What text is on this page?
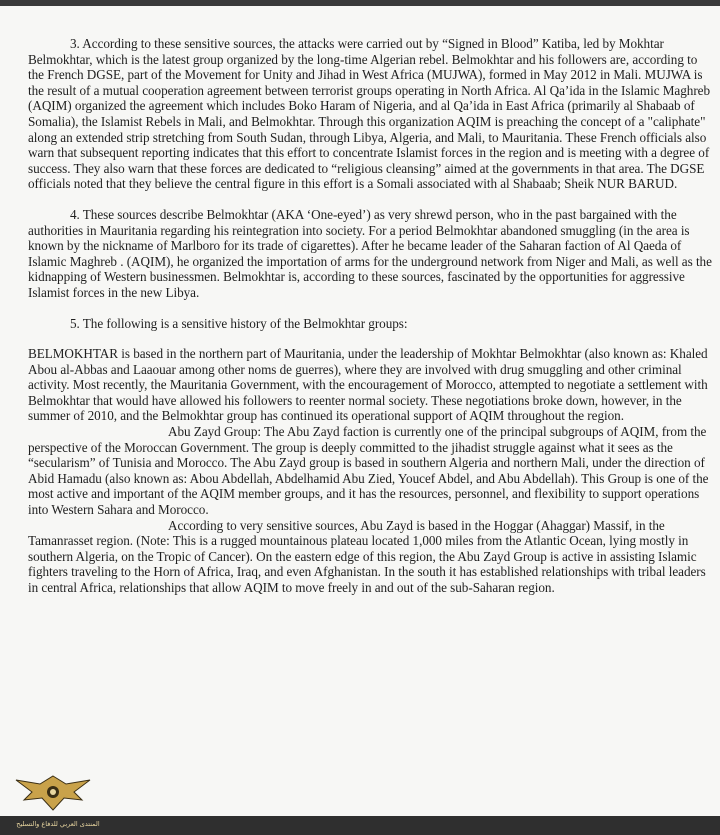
3. According to these sensitive sources, the attacks were carried out by “Signed in Blood” Katiba, led by Mokhtar Belmokhtar, which is the latest group organized by the long-time Algerian rebel. Belmokhtar and his followers are, according to the French DGSE, part of the Movement for Unity and Jihad in West Africa (MUJWA), formed in May 2012 in Mali. MUJWA is the result of a mutual cooperation agreement between terrorist groups operating in North Africa. Al Qa’ida in the Islamic Maghreb (AQIM) organized the agreement which includes Boko Haram of Nigeria, and al Qa’ida in East Africa (primarily al Shabaab of Somalia), the Islamist Rebels in Mali, and Belmokhtar. Through this organization AQIM is preaching the concept of a "caliphate" along an extended strip stretching from South Sudan, through Libya, Algeria, and Mali, to Mauritania. These French officials also warn that subsequent reporting indicates that this effort to concentrate Islamist forces in the region and is meeting with a degree of success. They also warn that these forces are dedicated to “religious cleansing” aimed at the governments in that area. The DGSE officials noted that they believe the central figure in this effort is a Somali associated with al Shabaab; Sheik NUR BARUD.

4. These sources describe Belmokhtar (AKA ‘One-eyed’) as very shrewd person, who in the past bargained with the authorities in Mauritania regarding his reintegration into society. For a period Belmokhtar abandoned smuggling (in the area is known by the nickname of Marlboro for its trade of cigarettes). After he became leader of the Saharan faction of Al Qaeda of Islamic Maghreb . (AQIM), he organized the importation of arms for the underground network from Niger and Mali, as well as the kidnapping of Western businessmen. Belmokhtar is, according to these sources, fascinated by the opportunities for aggressive Islamist forces in the new Libya.

5. The following is a sensitive history of the Belmokhtar groups:

BELMOKHTAR is based in the northern part of Mauritania, under the leadership of Mokhtar Belmokhtar (also known as: Khaled Abou al-Abbas and Laaouar among other noms de guerres), where they are involved with drug smuggling and other criminal activity. Most recently, the Mauritania Government, with the encouragement of Morocco, attempted to negotiate a settlement with Belmokhtar that would have allowed his followers to reenter normal society. These negotiations broke down, however, in the summer of 2010, and the Belmokhtar group has continued its operational support of AQIM throughout the region.

Abu Zayd Group: The Abu Zayd faction is currently one of the principal subgroups of AQIM, from the perspective of the Moroccan Government. The group is deeply committed to the jihadist struggle against what it sees as the “secularism” of Tunisia and Morocco. The Abu Zayd group is based in southern Algeria and northern Mali, under the direction of Abid Hamadu (also known as: Abou Abdellah, Abdelhamid Abu Zied, Youcef Abdel, and Abu Abdellah). This Group is one of the most active and important of the AQIM member groups, and it has the resources, personnel, and flexibility to support operations into Western Sahara and Morocco.

According to very sensitive sources, Abu Zayd is based in the Hoggar (Ahaggar) Massif, in the Tamanrasset region. (Note: This is a rugged mountainous plateau located 1,000 miles from the Atlantic Ocean, lying mostly in southern Algeria, on the Tropic of Cancer). On the eastern edge of this region, the Abu Zayd Group is active in assisting Islamic fighters traveling to the Horn of Africa, Iraq, and even Afghanistan. In the south it has established relationships with tribal leaders in central Africa, relationships that allow AQIM to move freely in and out of the sub-Saharan region.

المنتدى العربي للدفاع والتسليح
